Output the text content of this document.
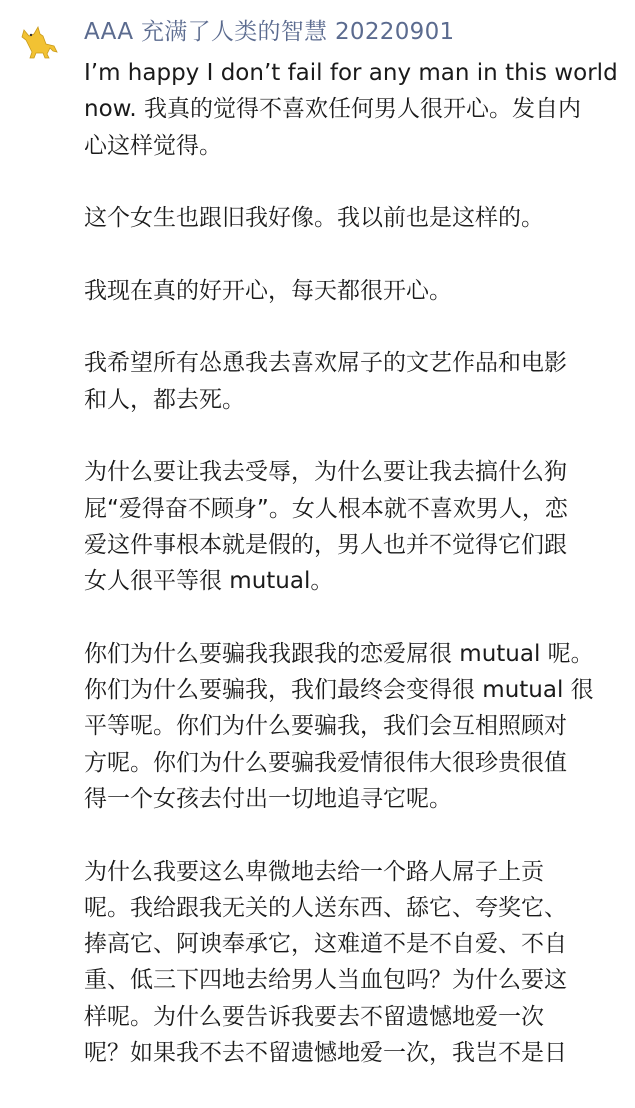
AAA 充满了人类的智慧 20220901

I’m happy I don’t fail for any man in this world
now. 我真的觉得不喜欢任何男人很开心。发自内
心这样觉得。

这个女生也跟旧我好像。我以前也是这样的。

我现在真的好开心，每天都很开心。

我希望所有怂恿我去喜欢屌子的文艺作品和电影
和人，都去死。

为什么要让我去受辱，为什么要让我去搞什么狗
屁“爱得奋不顾身”。女人根本就不喜欢男人，恋
爱这件事根本就是假的，男人也并不觉得它们跟
女人很平等很 mutual。

你们为什么要骗我我跟我的恋爱屌很 mutual 呢。
你们为什么要骗我，我们最终会变得很 mutual 很
平等呢。你们为什么要骗我，我们会互相照顾对
方呢。你们为什么要骗我爱情很伟大很珍贵很值
得一个女孩去付出一切地追寻它呢。

为什么我要这么卑微地去给一个路人屌子上贡
呢。我给跟我无关的人送东西、舔它、夸奖它、
捧高它、阿谀奉承它，这难道不是不自爱、不自
重、低三下四地去给男人当血包吗？为什么要这
样呢。为什么要告诉我要去不留遗憾地爱一次
呢？如果我不去不留遗憾地爱一次，我岂不是日
